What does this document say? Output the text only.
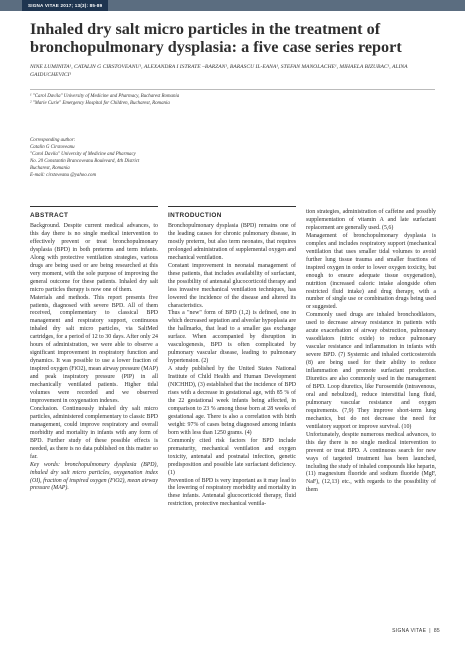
SIGNA VITAE 2017; 13(3): 85-89
Inhaled dry salt micro particles in the treatment of bronchopulmonary dysplasia: a five case series report
NINE LUMINITA¹, CATALIN G CIRSTOVEANU¹, ALEXANDRA I ISTRATE –BARZAN¹, BARASCU IL-EANA¹, STEFAN MANOLACHE¹, MIHAELA BIZUBAC¹, ALINA GAIDUCHEVICI¹
¹ "Carol Davila" University of Medicine and Pharmacy, Bucharest Romania
² "Marie Curie" Emergency Hospital for Children, Bucharest, Romania
Corresponding author:
Catalin G Cirstoveanu
"Carol Davila" University of Medicine and Pharmacy
No. 20 Constantin Brancoveanu Boulevard, 4th District
Bucharest, Romania
E-mail: cirstoveanu @yahoo.com
ABSTRACT

Background. Despite current medical advances, to this day there is no single medical intervention to effectively prevent or treat bronchopulmonary dysplasia (BPD) in both preterms and term infants. Along with protective ventilation strategies, various drugs are being used or are being researched at this very moment, with the sole purpose of improving the general outcome for these patients. Inhaled dry salt micro particles therapy is now one of them.

Materials and methods. This report presents five patients, diagnosed with severe BPD. All of them received, complementary to classical BPD management and respiratory support, continuous inhaled dry salt micro particles, via SaltMed cartridges, for a period of 12 to 30 days. After only 24 hours of administration, we were able to observe a significant improvement in respiratory function and dynamics. It was possible to use a lower fraction of inspired oxygen (FiO2), mean airway pressure (MAP) and peak inspiratory pressure (PIP) in all mechanically ventilated patients. Higher tidal volumes were recorded and we observed improvement in oxygenation indexes.

Conclusion. Continuously inhaled dry salt micro particles, administered complementary to classic BPD management, could improve respiratory and overall morbidity and mortality in infants with any form of BPD. Further study of these possible effects is needed, as there is no data published on this matter so far.

Key words: bronchopulmonary dysplasia (BPD), inhaled dry salt micro particles, oxygenation index (OI), fraction of inspired oxygen (FiO2), mean airway pressure (MAP).

INTRODUCTION

Bronchopulmonary dysplasia (BPD) remains one of the leading causes for chronic pulmonary disease, in mostly preterm, but also term neonates, that requires prolonged administration of supplemental oxygen and mechanical ventilation.

Constant improvement in neonatal management of these patients, that includes availability of surfactant, the possibility of antenatal glucocorticoid therapy and less invasive mechanical ventilation techniques, has lowered the incidence of the disease and altered its characteristics.

Thus a "new" form of BPD (1,2) is defined, one in which decreased septation and alveolar hypoplasia are the hallmarks, that lead to a smaller gas exchange surface. When accompanied by disruption in vasculogenesis, BPD is often complicated by pulmonary vascular disease, leading to pulmonary hypertension. (2)

A study published by the United States National Institute of Child Health and Human Development (NICHHD), (3) established that the incidence of BPD rises with a decrease in gestational age, with 85 % of the 22 gestational week infants being affected, in comparison to 23 % among those born at 28 weeks of gestational age. There is also a correlation with birth weight: 97% of cases being diagnosed among infants born with less than 1250 grams. (4)

Commonly cited risk factors for BPD include prematurity, mechanical ventilation and oxygen toxicity, antenatal and postnatal infection, genetic predisposition and possible late surfactant deficiency. (1)

Prevention of BPD is very important as it may lead to the lowering of respiratory morbidity and mortality in these infants. Antenatal glucocorticoid therapy, fluid restriction, protective mechanical ventila-

tion strategies, administration of caffeine and possibly supplementation of vitamin A and late surfactant replacement are generally used. (5,6)

Management of bronchopulmonary dysplasia is complex and includes respiratory support (mechanical ventilation that uses smaller tidal volumes to avoid further lung tissue trauma and smaller fractions of inspired oxygen in order to lower oxygen toxicity, but enough to ensure adequate tissue oxygenation), nutrition (increased caloric intake alongside often restricted fluid intake) and drug therapy, with a number of single use or combination drugs being used or suggested.

Commonly used drugs are inhaled bronchodilators, used to decrease airway resistance in patients with acute exacerbation of airway obstruction, pulmonary vasodilators (nitric oxide) to reduce pulmonary vascular resistance and inflammation in infants with severe BPD. (7) Systemic and inhaled corticosteroids (8) are being used for their ability to reduce inflammation and promote surfactant production. Diuretics are also commonly used in the management of BPD. Loop diuretics, like Furosemide (intravenous, oral and nebulized), reduce interstitial lung fluid, pulmonary vascular resistance and oxygen requirements. (7,9) They improve short-term lung mechanics, but do not decrease the need for ventilatory support or improve survival. (10)

Unfortunately, despite numerous medical advances, to this day there is no single medical intervention to prevent or treat BPD. A continuous search for new ways of targeted treatment has been launched, including the study of inhaled compounds like heparin, (11) magnesium fluoride and sodium fluoride (MgF, NaF), (12,13) etc., with regards to the possibility of them

SIGNA VITAE | 85
